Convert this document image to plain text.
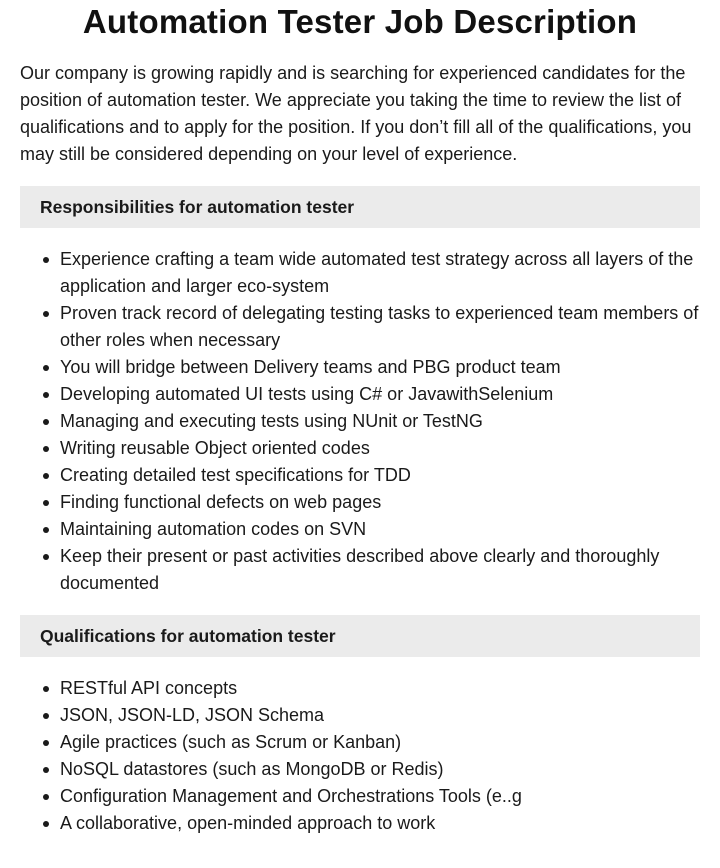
Automation Tester Job Description

Our company is growing rapidly and is searching for experienced candidates for the position of automation tester. We appreciate you taking the time to review the list of qualifications and to apply for the position. If you don’t fill all of the qualifications, you may still be considered depending on your level of experience.

Responsibilities for automation tester
Experience crafting a team wide automated test strategy across all layers of the application and larger eco-system
Proven track record of delegating testing tasks to experienced team members of other roles when necessary
You will bridge between Delivery teams and PBG product team
Developing automated UI tests using C# or JavawithSelenium
Managing and executing tests using NUnit or TestNG
Writing reusable Object oriented codes
Creating detailed test specifications for TDD
Finding functional defects on web pages
Maintaining automation codes on SVN
Keep their present or past activities described above clearly and thoroughly documented
Qualifications for automation tester
RESTful API concepts
JSON, JSON-LD, JSON Schema
Agile practices (such as Scrum or Kanban)
NoSQL datastores (such as MongoDB or Redis)
Configuration Management and Orchestrations Tools (e..g
A collaborative, open-minded approach to work
